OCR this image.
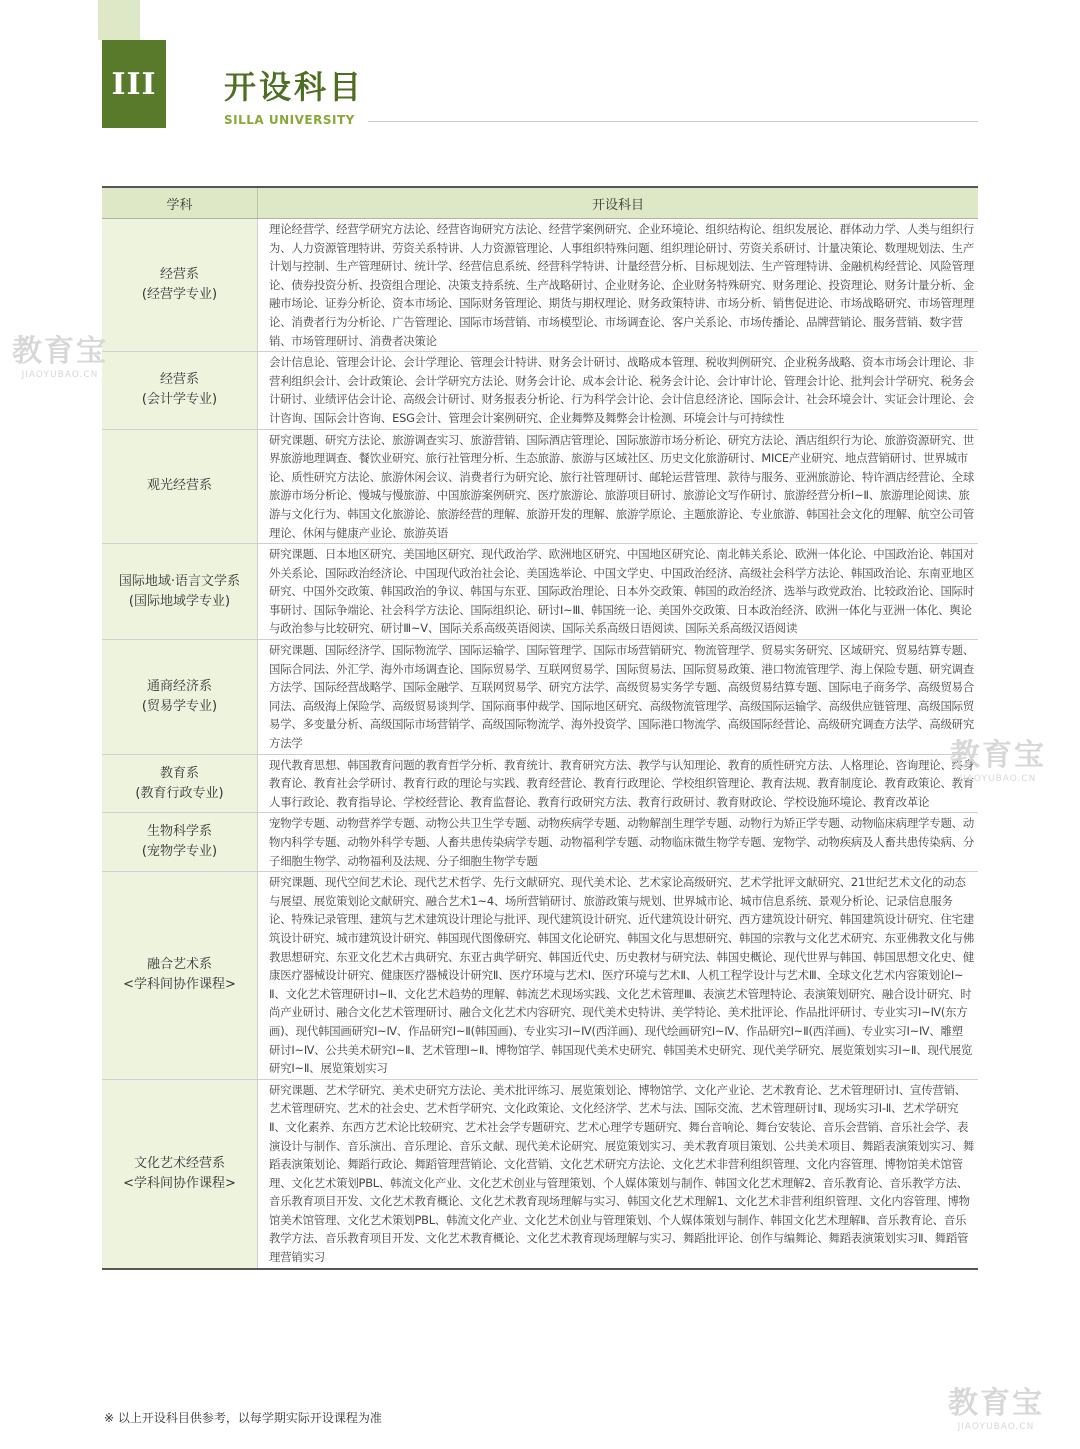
III 开设科目
SILLA UNIVERSITY
学科	开设科目
经营系
(经营学专业)
理论经营学、经营学研究方法论、经营咨询研究方法论、经营学案例研究、企业环境论、组织结构论、组织发展论、群体动力学、人类与组织行为、人力资源管理特讲、劳资关系特讲、人力资源管理论、人事组织特殊问题、组织理论研讨、劳资关系研讨、计量决策论、数理规划法、生产计划与控制、生产管理研讨、统计学、经营信息系统、经营科学特讲、计量经营分析、目标规划法、生产管理特讲、金融机构经营论、风险管理论、债券投资分析、投资组合理论、决策支持系统、生产战略研讨、企业财务论、企业财务特殊研究、财务理论、投资理论、财务计量分析、金融市场论、证券分析论、资本市场论、国际财务管理论、期货与期权理论、财务政策特讲、市场分析、销售促进论、市场战略研究、市场管理理论、消费者行为分析论、广告管理论、国际市场营销、市场模型论、市场调查论、客户关系论、市场传播论、品牌营销论、服务营销、数字营销、市场管理研讨、消费者决策论
经营系
(会计学专业)
会计信息论、管理会计论、会计学理论、管理会计特讲、财务会计研讨、战略成本管理、税收判例研究、企业税务战略、资本市场会计理论、非营利组织会计、会计政策论、会计学研究方法论、财务会计论、成本会计论、税务会计论、会计审计论、管理会计论、批判会计学研究、税务会计研讨、业绩评估会计论、高级会计研讨、财务报表分析论、行为科学会计论、会计信息经济论、国际会计、社会环境会计、实证会计理论、会计咨询、国际会计咨询、ESG会计、管理会计案例研究、企业舞弊及舞弊会计检测、环境会计与可持续性
观光经营系
研究课题、研究方法论、旅游调查实习、旅游营销、国际酒店管理论、国际旅游市场分析论、研究方法论、酒店组织行为论、旅游资源研究、世界旅游地理调查、餐饮业研究、旅行社管理分析、生态旅游、旅游与区域社区、历史文化旅游研讨、MICE产业研究、地点营销研讨、世界城市论、质性研究方法论、旅游休闲会议、消费者行为研究论、旅行社管理研讨、邮轮运营管理、款待与服务、亚洲旅游论、特许酒店经营论、全球旅游市场分析论、慢城与慢旅游、中国旅游案例研究、医疗旅游论、旅游项目研讨、旅游论文写作研讨、旅游经营分析Ⅰ~Ⅱ、旅游理论阅读、旅游与文化行为、韩国文化旅游论、旅游经营的理解、旅游开发的理解、旅游学原论、主题旅游论、专业旅游、韩国社会文化的理解、航空公司管理论、休闲与健康产业论、旅游英语
国际地域·语言文学系
(国际地域学专业)
研究课题、日本地区研究、美国地区研究、现代政治学、欧洲地区研究、中国地区研究论、南北韩关系论、欧洲一体化论、中国政治论、韩国对外关系论、国际政治经济论、中国现代政治社会论、美国选举论、中国文学史、中国政治经济、高级社会科学方法论、韩国政治论、东南亚地区研究、中国外交政策、韩国政治的争议、韩国与东亚、国际政治理论、日本外交政策、韩国的政治经济、选举与政党政治、比较政治论、国际时事研讨、国际争端论、社会科学方法论、国际组织论、研讨Ⅰ~Ⅲ、韩国统一论、美国外交政策、日本政治经济、欧洲一体化与亚洲一体化、舆论与政治参与比较研究、研讨Ⅲ~Ⅴ、国际关系高级英语阅读、国际关系高级日语阅读、国际关系高级汉语阅读
通商经济系
(贸易学专业)
研究课题、国际经济学、国际物流学、国际运输学、国际管理学、国际市场营销研究、物流管理学、贸易实务研究、区域研究、贸易结算专题、国际合同法、外汇学、海外市场调查论、国际贸易学、互联网贸易学、国际贸易法、国际贸易政策、港口物流管理学、海上保险专题、研究调查方法学、国际经营战略学、国际金融学、互联网贸易学、研究方法学、高级贸易实务学专题、高级贸易结算专题、国际电子商务学、高级贸易合同法、高级海上保险学、高级贸易谈判学、国际商事仲裁学、国际地区研究、高级物流管理学、高级国际运输学、高级供应链管理、高级国际贸易学、多变量分析、高级国际市场营销学、高级国际物流学、海外投资学、国际港口物流学、高级国际经营论、高级研究调查方法学、高级研究方法学
教育系
(教育行政专业)
现代教育思想、韩国教育问题的教育哲学分析、教育统计、教育研究方法、教学与认知理论、教育的质性研究方法、人格理论、咨询理论、终身教育论、教育社会学研讨、教育行政的理论与实践、教育经营论、教育行政理论、学校组织管理论、教育法规、教育制度论、教育政策论、教育人事行政论、教育指导论、学校经营论、教育监督论、教育行政研究方法、教育行政研讨、教育财政论、学校设施环境论、教育改革论
生物科学系
(宠物学专业)
宠物学专题、动物营养学专题、动物公共卫生学专题、动物疾病学专题、动物解剖生理学专题、动物行为矫正学专题、动物临床病理学专题、动物内科学专题、动物外科学专题、人畜共患传染病学专题、动物福利学专题、动物临床微生物学专题、宠物学、动物疾病及人畜共患传染病、分子细胞生物学、动物福利及法规、分子细胞生物学专题
融合艺术系
<学科间协作课程>
研究课题、现代空间艺术论、现代艺术哲学、先行文献研究、现代美术论、艺术家论高级研究、艺术学批评文献研究、21世纪艺术文化的动态与展望、展览策划论文献研究、融合艺术1~4、场所营销研讨、旅游政策与规划、世界城市论、城市信息系统、景观分析论、记录信息服务论、特殊记录管理、建筑与艺术建筑设计理论与批评、现代建筑设计研究、近代建筑设计研究、西方建筑设计研究、韩国建筑设计研究、住宅建筑设计研究、城市建筑设计研究、韩国现代图像研究、韩国文化论研究、韩国文化与思想研究、韩国的宗教与文化艺术研究、东亚佛教文化与佛教思想研究、东亚文化艺术古典研究、东亚古典学研究、韩国近代史、历史教材与研究法、韩国史概论、现代世界与韩国、韩国思想文化史、健康医疗器械设计研究、健康医疗器械设计研究Ⅱ、医疗环境与艺术Ⅰ、医疗环境与艺术Ⅱ、人机工程学设计与艺术Ⅲ、全球文化艺术内容策划论Ⅰ~Ⅱ、文化艺术管理研讨Ⅰ~Ⅱ、文化艺术趋势的理解、韩流艺术现场实践、文化艺术管理Ⅲ、表演艺术管理特论、表演策划研究、融合设计研究、时尚产业研讨、融合文化艺术管理研讨、融合文化艺术内容研究、现代美术史特讲、美学特论、美术批评论、作品批评研讨、专业实习Ⅰ~Ⅳ(东方画)、现代韩国画研究Ⅰ~Ⅳ、作品研究Ⅰ~Ⅱ(韩国画)、专业实习Ⅰ~Ⅳ(西洋画)、现代绘画研究Ⅰ~Ⅳ、作品研究Ⅰ~Ⅱ(西洋画)、专业实习Ⅰ~Ⅳ、雕塑研讨Ⅰ~Ⅳ、公共美术研究Ⅰ~Ⅱ、艺术管理Ⅰ~Ⅱ、博物馆学、韩国现代美术史研究、韩国美术史研究、现代美学研究、展览策划实习Ⅰ~Ⅱ、现代展览研究Ⅰ~Ⅱ、展览策划实习
文化艺术经营系
<学科间协作课程>
研究课题、艺术学研究、美术史研究方法论、美术批评练习、展览策划论、博物馆学、文化产业论、艺术教育论、艺术管理研讨Ⅰ、宣传营销、艺术管理研究、艺术的社会史、艺术哲学研究、文化政策论、文化经济学、艺术与法、国际交流、艺术管理研讨Ⅱ、现场实习Ⅰ-Ⅱ、艺术学研究Ⅱ、文化素养、东西方艺术论比较研究、艺术社会学专题研究、艺术心理学专题研究、舞台音响论、舞台安装论、音乐会营销、音乐社会学、表演设计与制作、音乐演出、音乐理论、音乐文献、现代美术论研究、展览策划实习、美术教育项目策划、公共美术项目、舞蹈表演策划实习、舞蹈表演策划论、舞蹈行政论、舞蹈管理营销论、文化营销、文化艺术研究方法论、文化艺术非营利组织管理、文化内容管理、博物馆美术馆管理、文化艺术策划PBL、韩流文化产业、文化艺术创业与管理策划、个人媒体策划与制作、韩国文化艺术理解2、音乐教育论、音乐教学方法、音乐教育项目开发、文化艺术教育概论、文化艺术教育现场理解与实习、韩国文化艺术理解1、文化艺术非营利组织管理、文化内容管理、博物馆美术馆管理、文化艺术策划PBL、韩流文化产业、文化艺术创业与管理策划、个人媒体策划与制作、韩国文化艺术理解Ⅱ、音乐教育论、音乐教学方法、音乐教育项目开发、文化艺术教育概论、文化艺术教育现场理解与实习、舞蹈批评论、创作与编舞论、舞蹈表演策划实习Ⅱ、舞蹈管理营销实习
※ 以上开设科目供参考，以每学期实际开设课程为准
教育宝
JIAOYUBAO.CN
教育宝
JIAOYUBAO.CN
教育宝
JIAOYUBAO.CN
